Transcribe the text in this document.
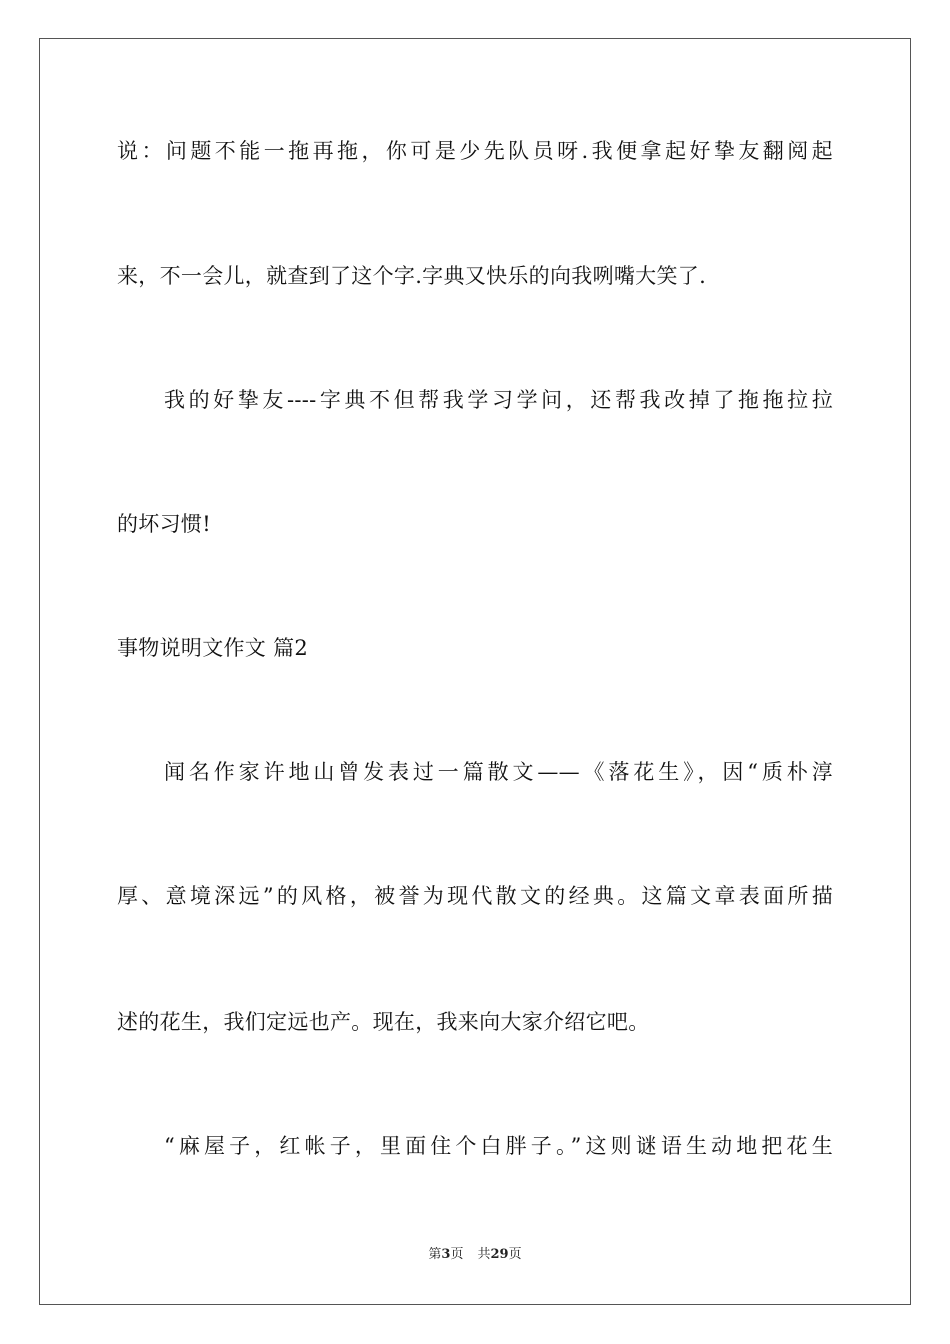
说：问题不能一拖再拖，你可是少先队员呀.我便拿起好挚友翻阅起
来，不一会儿，就查到了这个字.字典又快乐的向我咧嘴大笑了.
我的好挚友----字典不但帮我学习学问，还帮我改掉了拖拖拉拉
的坏习惯!
事物说明文作文 篇2
闻名作家许地山曾发表过一篇散文——《落花生》，因“质朴淳
厚、意境深远”的风格，被誉为现代散文的经典。这篇文章表面所描
述的花生，我们定远也产。现在，我来向大家介绍它吧。
“麻屋子，红帐子，里面住个白胖子。”这则谜语生动地把花生
第3页 共29页
